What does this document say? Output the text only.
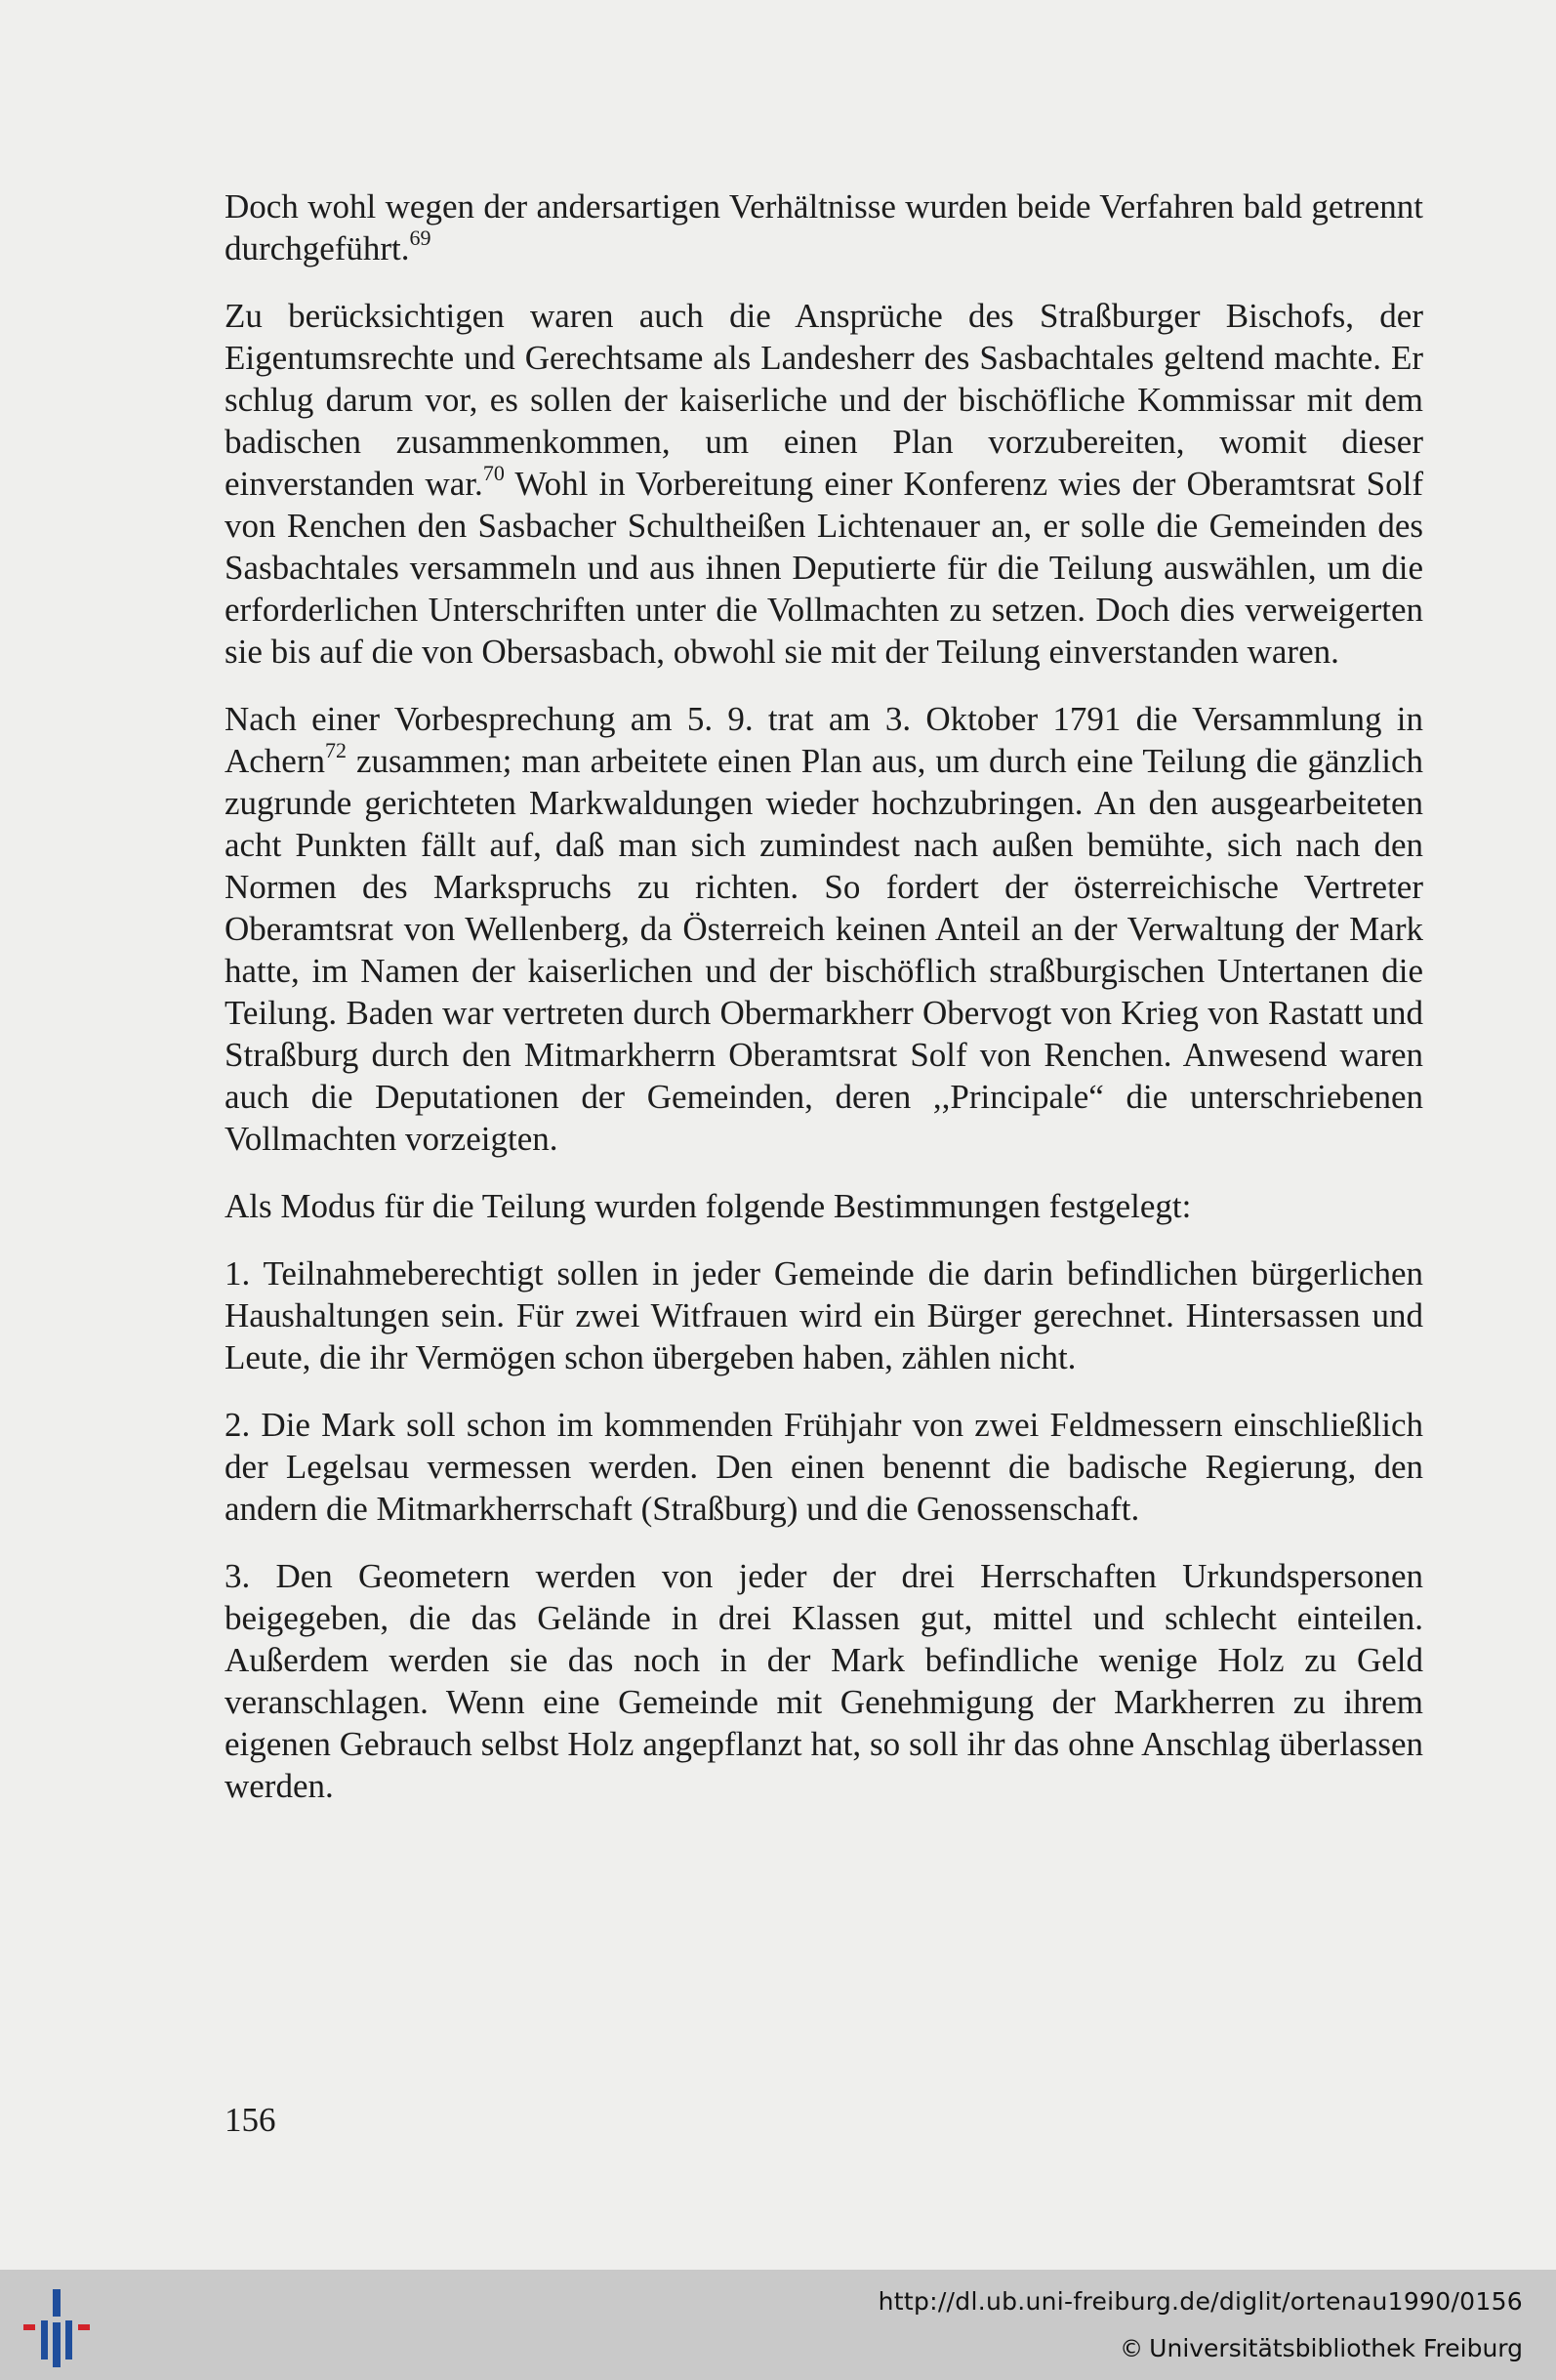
Doch wohl wegen der andersartigen Verhältnisse wurden beide Verfahren bald getrennt durchgeführt.$^{69}$

Zu berücksichtigen waren auch die Ansprüche des Straßburger Bischofs, der Eigentumsrechte und Gerechtsame als Landesherr des Sasbachtales geltend machte. Er schlug darum vor, es sollen der kaiserliche und der bischöfliche Kommissar mit dem badischen zusammenkommen, um einen Plan vorzubereiten, womit dieser einverstanden war.$^{70}$ Wohl in Vorbereitung einer Konferenz wies der Oberamtsrat Solf von Renchen den Sasbacher Schultheißen Lichtenauer an, er solle die Gemeinden des Sasbachtales versammeln und aus ihnen Deputierte für die Teilung auswählen, um die erforderlichen Unterschriften unter die Vollmachten zu setzen. Doch dies verweigerten sie bis auf die von Obersasbach, obwohl sie mit der Teilung einverstanden waren.

Nach einer Vorbesprechung am 5. 9. trat am 3. Oktober 1791 die Versammlung in Achern$^{72}$ zusammen; man arbeitete einen Plan aus, um durch eine Teilung die gänzlich zugrunde gerichteten Markwaldungen wieder hochzubringen. An den ausgearbeiteten acht Punkten fällt auf, daß man sich zumindest nach außen bemühte, sich nach den Normen des Markspruchs zu richten. So fordert der österreichische Vertreter Oberamtsrat von Wellenberg, da Österreich keinen Anteil an der Verwaltung der Mark hatte, im Namen der kaiserlichen und der bischöflich straßburgischen Untertanen die Teilung. Baden war vertreten durch Obermarkherr Obervogt von Krieg von Rastatt und Straßburg durch den Mitmarkherrn Oberamtsrat Solf von Renchen. Anwesend waren auch die Deputationen der Gemeinden, deren ,,Principale“ die unterschriebenen Vollmachten vorzeigten.

Als Modus für die Teilung wurden folgende Bestimmungen festgelegt:

1. Teilnahmeberechtigt sollen in jeder Gemeinde die darin befindlichen bürgerlichen Haushaltungen sein. Für zwei Witfrauen wird ein Bürger gerechnet. Hintersassen und Leute, die ihr Vermögen schon übergeben haben, zählen nicht.

2. Die Mark soll schon im kommenden Frühjahr von zwei Feldmessern einschließlich der Legelsau vermessen werden. Den einen benennt die badische Regierung, den andern die Mitmarkherrschaft (Straßburg) und die Genossenschaft.

3. Den Geometern werden von jeder der drei Herrschaften Urkundspersonen beigegeben, die das Gelände in drei Klassen gut, mittel und schlecht einteilen. Außerdem werden sie das noch in der Mark befindliche wenige Holz zu Geld veranschlagen. Wenn eine Gemeinde mit Genehmigung der Markherren zu ihrem eigenen Gebrauch selbst Holz angepflanzt hat, so soll ihr das ohne Anschlag überlassen werden.

156
http://dl.ub.uni-freiburg.de/diglit/ortenau1990/0156
© Universitätsbibliothek Freiburg
